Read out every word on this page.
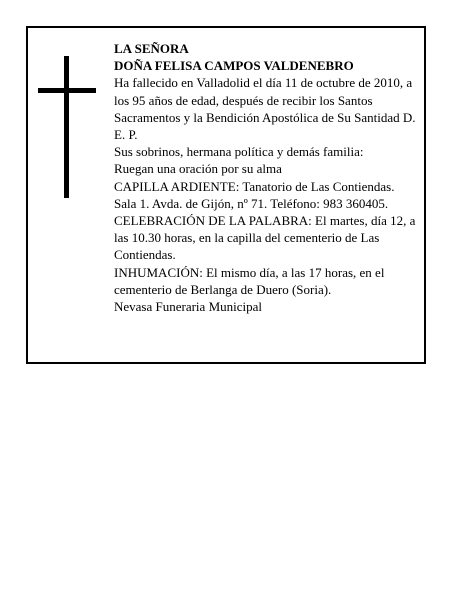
LA SEÑORA

DOÑA FELISA CAMPOS VALDENEBRO

Ha fallecido en Valladolid el día 11 de octubre de 2010, a los 95 años de edad, después de recibir los Santos Sacramentos y la Bendición Apostólica de Su Santidad D. E. P.

Sus sobrinos, hermana política y demás familia:

Ruegan una oración por su alma

CAPILLA ARDIENTE: Tanatorio de Las Contiendas. Sala 1. Avda. de Gijón, nº 71. Teléfono: 983 360405.

CELEBRACIÓN DE LA PALABRA: El martes, día 12, a las 10.30 horas, en la capilla del cementerio de Las Contiendas.

INHUMACIÓN: El mismo día, a las 17 horas, en el cementerio de Berlanga de Duero (Soria).

Nevasa Funeraria Municipal
